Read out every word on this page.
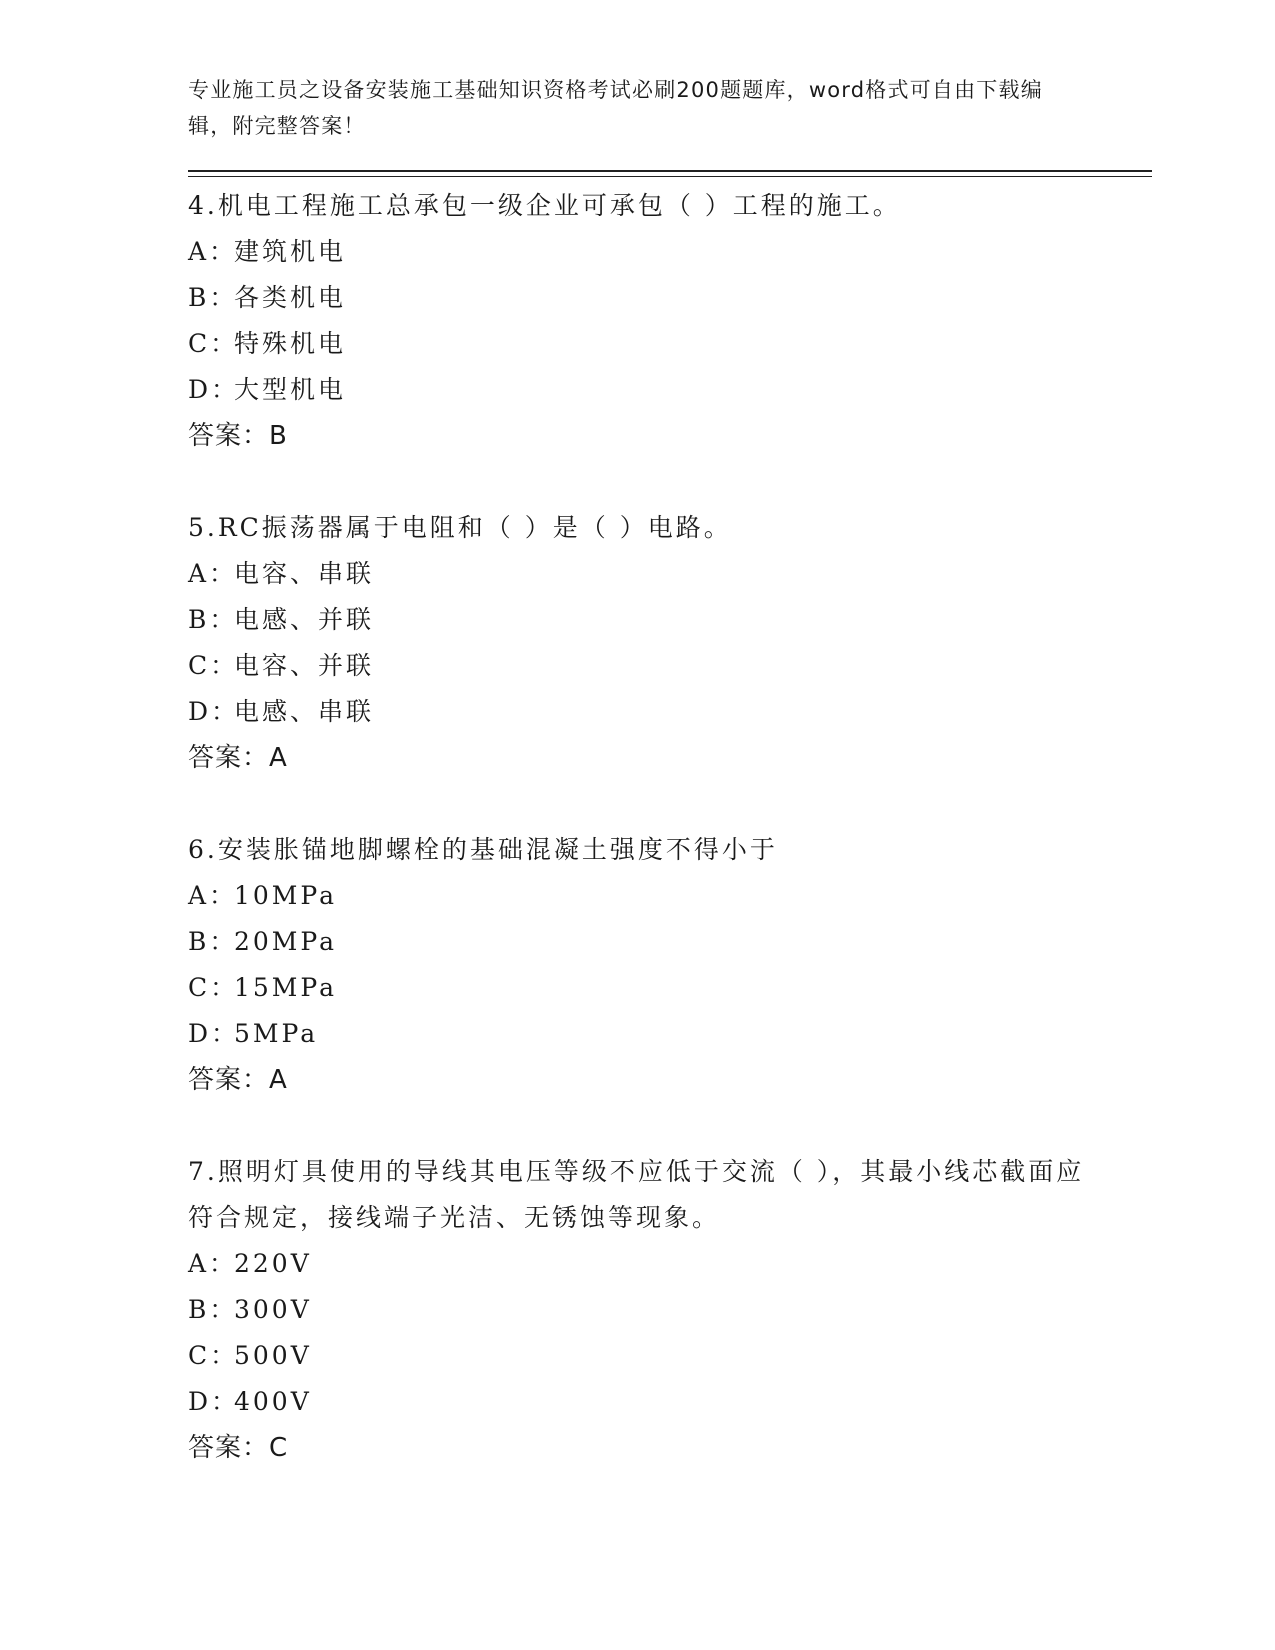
专业施工员之设备安装施工基础知识资格考试必刷200题题库，word格式可自由下载编辑，附完整答案！

4.机电工程施工总承包一级企业可承包（ ）工程的施工。

A：
建筑机电
B：
各类机电
C：
特殊机电
D：
大型机电

答案：B

5.RC振荡器属于电阻和（ ）是（ ）电路。

A：
电容、串联
B：
电感、并联
C：
电容、并联
D：
电感、串联

答案：A

6.安装胀锚地脚螺栓的基础混凝土强度不得小于

A：
10MPa
B：
20MPa
C：
15MPa
D：
5MPa

答案：A

7.照明灯具使用的导线其电压等级不应低于交流（ ），其最小线芯截面应符合规定，接线端子光洁、无锈蚀等现象。

A：
220V
B：
300V
C：
500V
D：
400V

答案：C
